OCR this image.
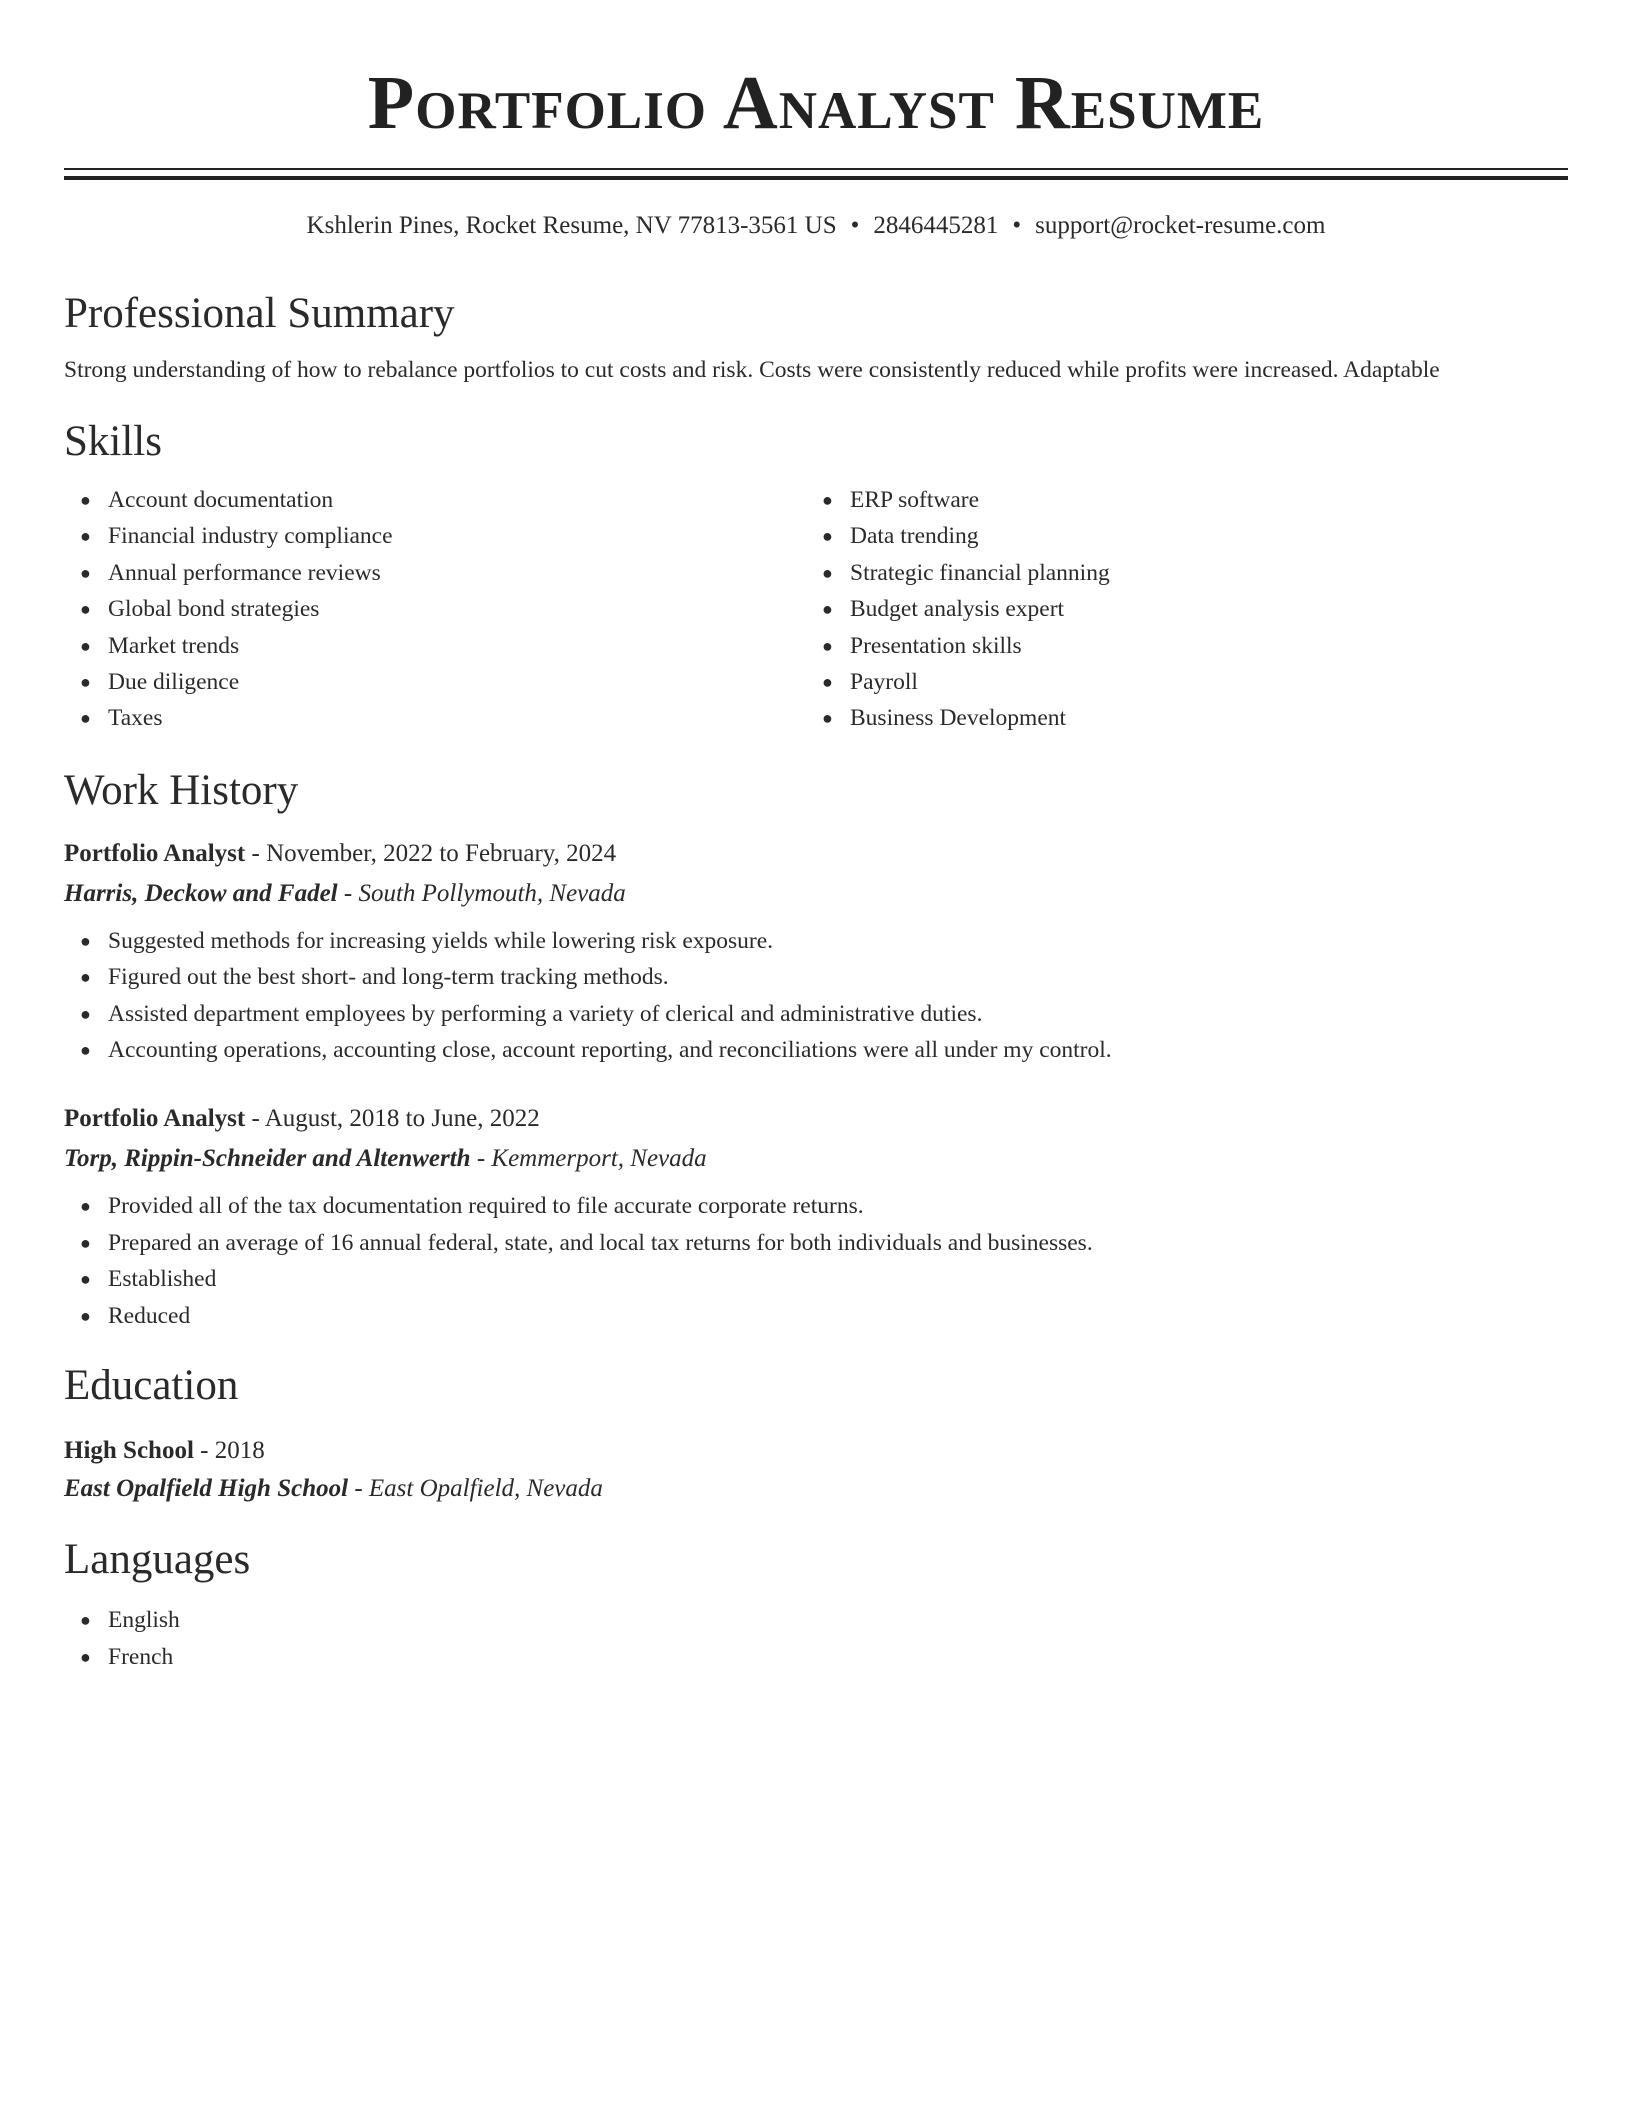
Portfolio Analyst Resume
Kshlerin Pines, Rocket Resume, NV 77813-3561 US • 2846445281 • support@rocket-resume.com
Professional Summary
Strong understanding of how to rebalance portfolios to cut costs and risk. Costs were consistently reduced while profits were increased. Adaptable
Skills
● Account documentation
● Financial industry compliance
● Annual performance reviews
● Global bond strategies
● Market trends
● Due diligence
● Taxes
● ERP software
● Data trending
● Strategic financial planning
● Budget analysis expert
● Presentation skills
● Payroll
● Business Development
Work History
Portfolio Analyst - November, 2022 to February, 2024
Harris, Deckow and Fadel - South Pollymouth, Nevada
● Suggested methods for increasing yields while lowering risk exposure.
● Figured out the best short- and long-term tracking methods.
● Assisted department employees by performing a variety of clerical and administrative duties.
● Accounting operations, accounting close, account reporting, and reconciliations were all under my control.
Portfolio Analyst - August, 2018 to June, 2022
Torp, Rippin-Schneider and Altenwerth - Kemmerport, Nevada
● Provided all of the tax documentation required to file accurate corporate returns.
● Prepared an average of 16 annual federal, state, and local tax returns for both individuals and businesses.
● Established
● Reduced
Education
High School - 2018
East Opalfield High School - East Opalfield, Nevada
Languages
● English
● French
